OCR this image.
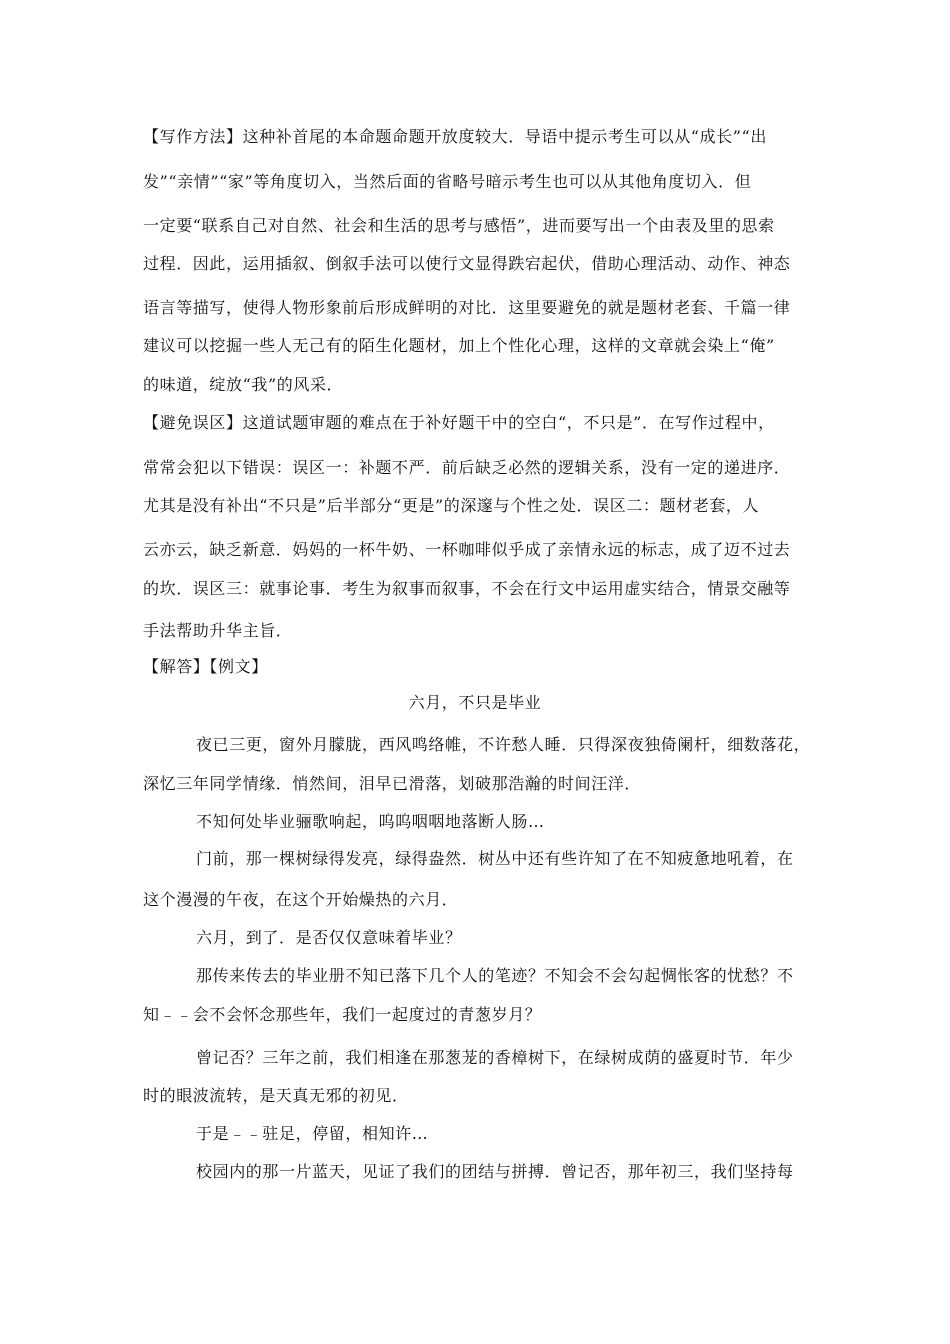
【写作方法】这种补首尾的本命题命题开放度较大．导语中提示考生可以从“成长”“出
发”“亲情”“家”等角度切入，当然后面的省略号暗示考生也可以从其他角度切入．但
一定要“联系自己对自然、社会和生活的思考与感悟”，进而要写出一个由表及里的思索
过程．因此，运用插叙、倒叙手法可以使行文显得跌宕起伏，借助心理活动、动作、神态
语言等描写，使得人物形象前后形成鲜明的对比．这里要避免的就是题材老套、千篇一律
建议可以挖掘一些人无己有的陌生化题材，加上个性化心理，这样的文章就会染上“俺”
的味道，绽放“我”的风采．
【避免误区】这道试题审题的难点在于补好题干中的空白“，不只是”．在写作过程中，
常常会犯以下错误：误区一：补题不严．前后缺乏必然的逻辑关系，没有一定的递进序．
尤其是没有补出“不只是”后半部分“更是”的深邃与个性之处．误区二：题材老套，人
云亦云，缺乏新意．妈妈的一杯牛奶、一杯咖啡似乎成了亲情永远的标志，成了迈不过去
的坎．误区三：就事论事．考生为叙事而叙事，不会在行文中运用虚实结合，情景交融等
手法帮助升华主旨．
【解答】【例文】
六月，不只是毕业
夜已三更，窗外月朦胧，西风鸣络帷，不许愁人睡．只得深夜独倚阑杆，细数落花，
深忆三年同学情缘．悄然间，泪早已滑落，划破那浩瀚的时间汪洋．
不知何处毕业骊歌响起，呜呜咽咽地落断人肠…
门前，那一棵树绿得发亮，绿得盎然．树丛中还有些许知了在不知疲惫地吼着，在
这个漫漫的午夜，在这个开始燥热的六月．
六月，到了．是否仅仅意味着毕业？
那传来传去的毕业册不知已落下几个人的笔迹？不知会不会勾起惆怅客的忧愁？不
知﹣﹣会不会怀念那些年，我们一起度过的青葱岁月？
曾记否？三年之前，我们相逢在那葱茏的香樟树下，在绿树成荫的盛夏时节．年少
时的眼波流转，是天真无邪的初见．
于是﹣﹣驻足，停留，相知许…
校园内的那一片蓝天，见证了我们的团结与拼搏．曾记否，那年初三，我们坚持每
